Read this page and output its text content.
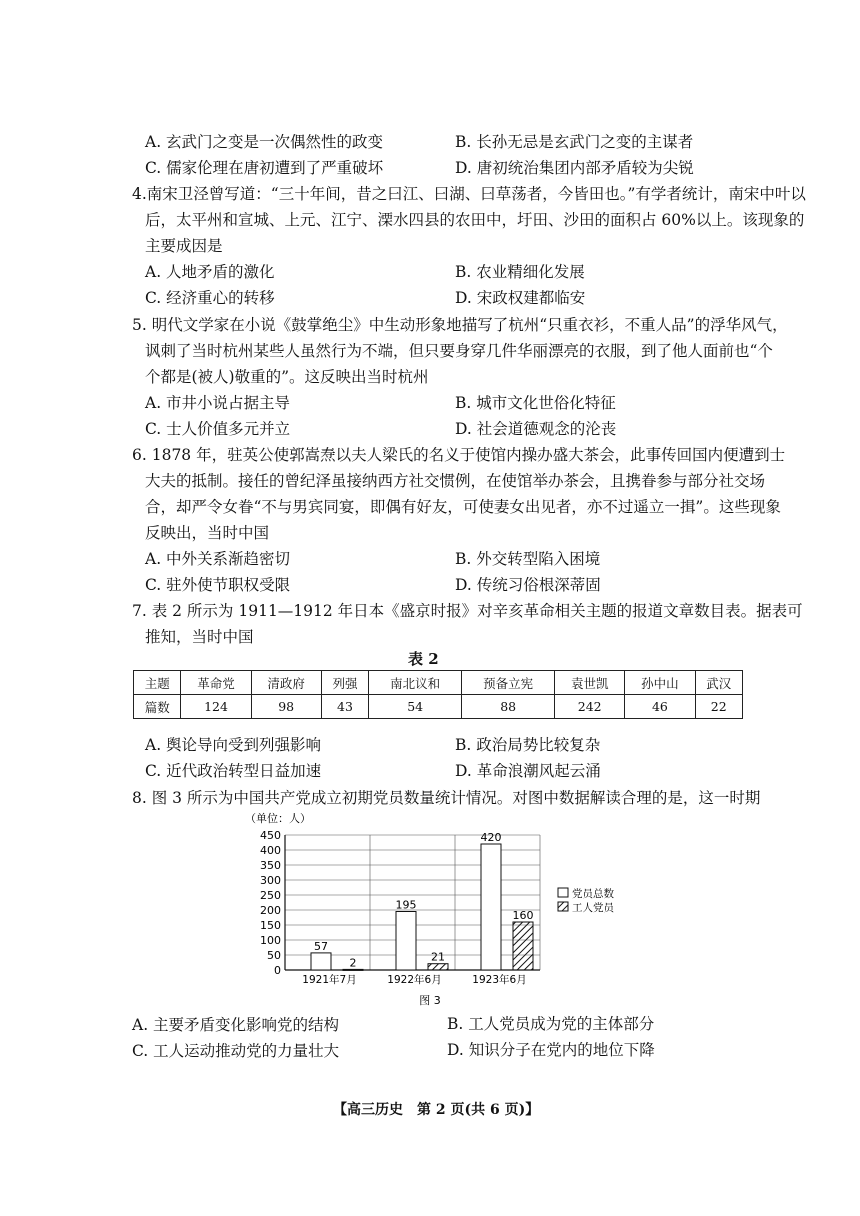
A. 玄武门之变是一次偶然性的政变	B. 长孙无忌是玄武门之变的主谋者
C. 儒家伦理在唐初遭到了严重破坏	D. 唐初统治集团内部矛盾较为尖锐
4.南宋卫泾曾写道：“三十年间，昔之曰江、曰湖、曰草荡者，今皆田也。”有学者统计，南宋中叶以
后，太平州和宣城、上元、江宁、溧水四县的农田中，圩田、沙田的面积占 60%以上。该现象的
主要成因是
A. 人地矛盾的激化	B. 农业精细化发展
C. 经济重心的转移	D. 宋政权建都临安
5. 明代文学家在小说《鼓掌绝尘》中生动形象地描写了杭州“只重衣衫，不重人品”的浮华风气，
讽刺了当时杭州某些人虽然行为不端，但只要身穿几件华丽漂亮的衣服，到了他人面前也“个
个都是(被人)敬重的”。这反映出当时杭州
A. 市井小说占据主导	B. 城市文化世俗化特征
C. 士人价值多元并立	D. 社会道德观念的沦丧
6. 1878 年，驻英公使郭嵩焘以夫人梁氏的名义于使馆内操办盛大茶会，此事传回国内便遭到士
大夫的抵制。接任的曾纪泽虽接纳西方社交惯例，在使馆举办茶会，且携眷参与部分社交场
合，却严令女眷“不与男宾同宴，即偶有好友，可使妻女出见者，亦不过遥立一揖”。这些现象
反映出，当时中国
A. 中外关系渐趋密切	B. 外交转型陷入困境
C. 驻外使节职权受限	D. 传统习俗根深蒂固
7. 表 2 所示为 1911—1912 年日本《盛京时报》对辛亥革命相关主题的报道文章数目表。据表可
推知，当时中国
表 2
主题	革命党	清政府	列强	南北议和	预备立宪	袁世凯	孙中山	武汉
篇数	124	98	43	54	88	242	46	22
A. 舆论导向受到列强影响	B. 政治局势比较复杂
C. 近代政治转型日益加速	D. 革命浪潮风起云涌
8. 图 3 所示为中国共产党成立初期党员数量统计情况。对图中数据解读合理的是，这一时期
（单位：人）
0
50
100
150
200
250
300
350
400
450
57
2
1921年7月
195
21
1922年6月
420
160
1923年6月
党员总数
工人党员
图 3
A. 主要矛盾变化影响党的结构	B. 工人党员成为党的主体部分
C. 工人运动推动党的力量壮大	D. 知识分子在党内的地位下降
【高三历史　第 2 页(共 6 页)】
